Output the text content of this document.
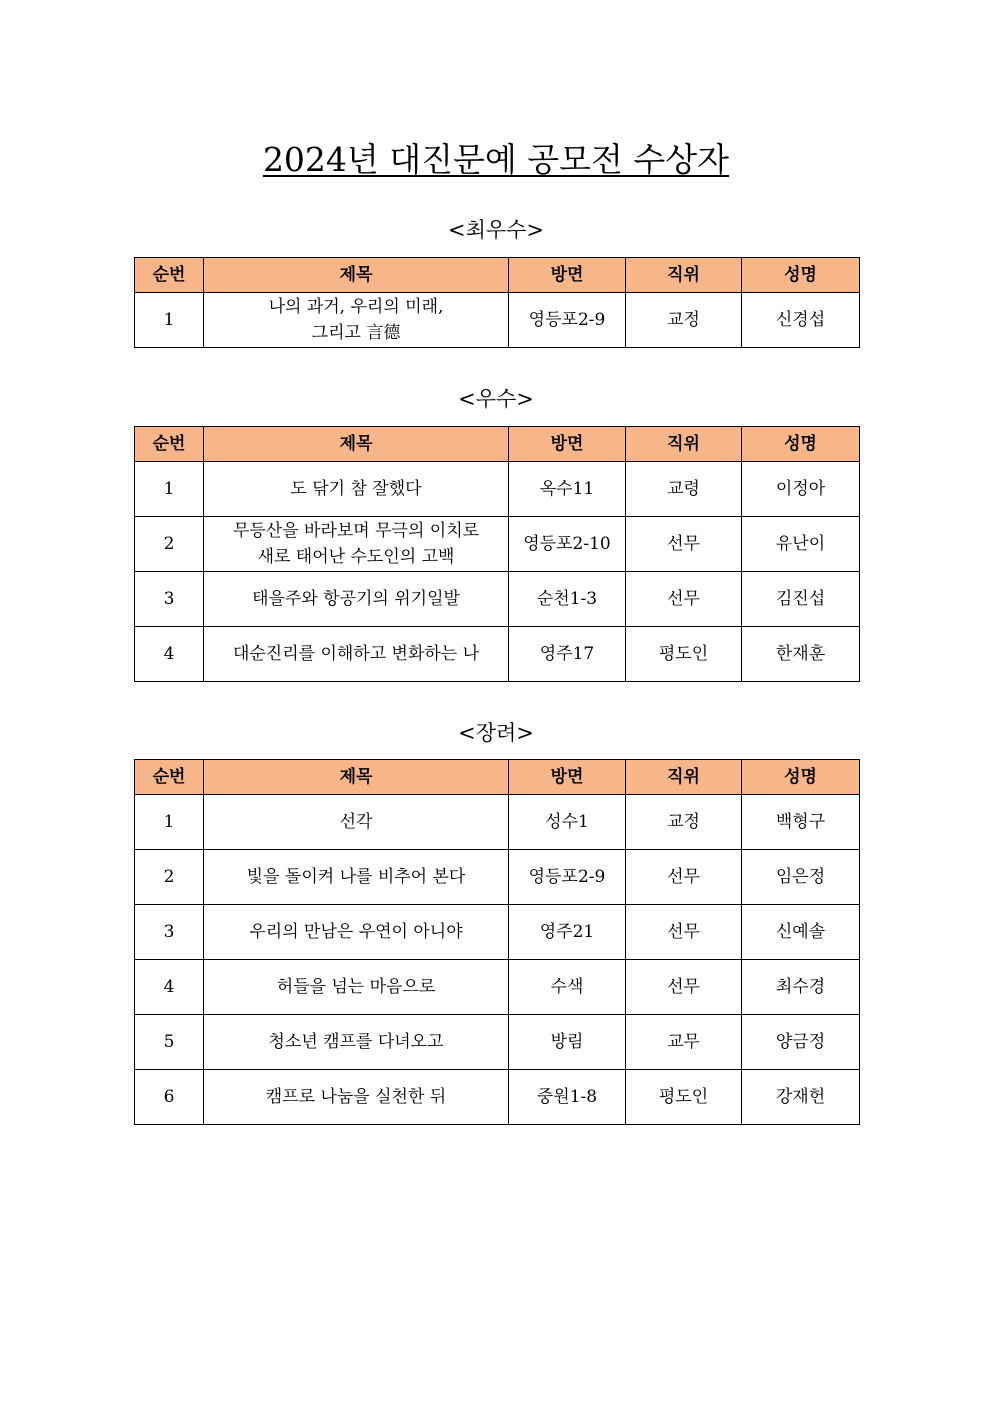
2024년 대진문예 공모전 수상자
<최우수>
순번	제목	방면	직위	성명
1	나의 과거, 우리의 미래,
그리고 言德	영등포2-9	교정	신경섭
<우수>
순번	제목	방면	직위	성명
1	도 닦기 참 잘했다	옥수11	교령	이정아
2	무등산을 바라보며 무극의 이치로
새로 태어난 수도인의 고백	영등포2-10	선무	유난이
3	태을주와 항공기의 위기일발	순천1-3	선무	김진섭
4	대순진리를 이해하고 변화하는 나	영주17	평도인	한재훈
<장려>
순번	제목	방면	직위	성명
1	선각	성수1	교정	백형구
2	빛을 돌이켜 나를 비추어 본다	영등포2-9	선무	임은정
3	우리의 만남은 우연이 아니야	영주21	선무	신예솔
4	허들을 넘는 마음으로	수색	선무	최수경
5	청소년 캠프를 다녀오고	방림	교무	양금정
6	캠프로 나눔을 실천한 뒤	중원1-8	평도인	강재헌
